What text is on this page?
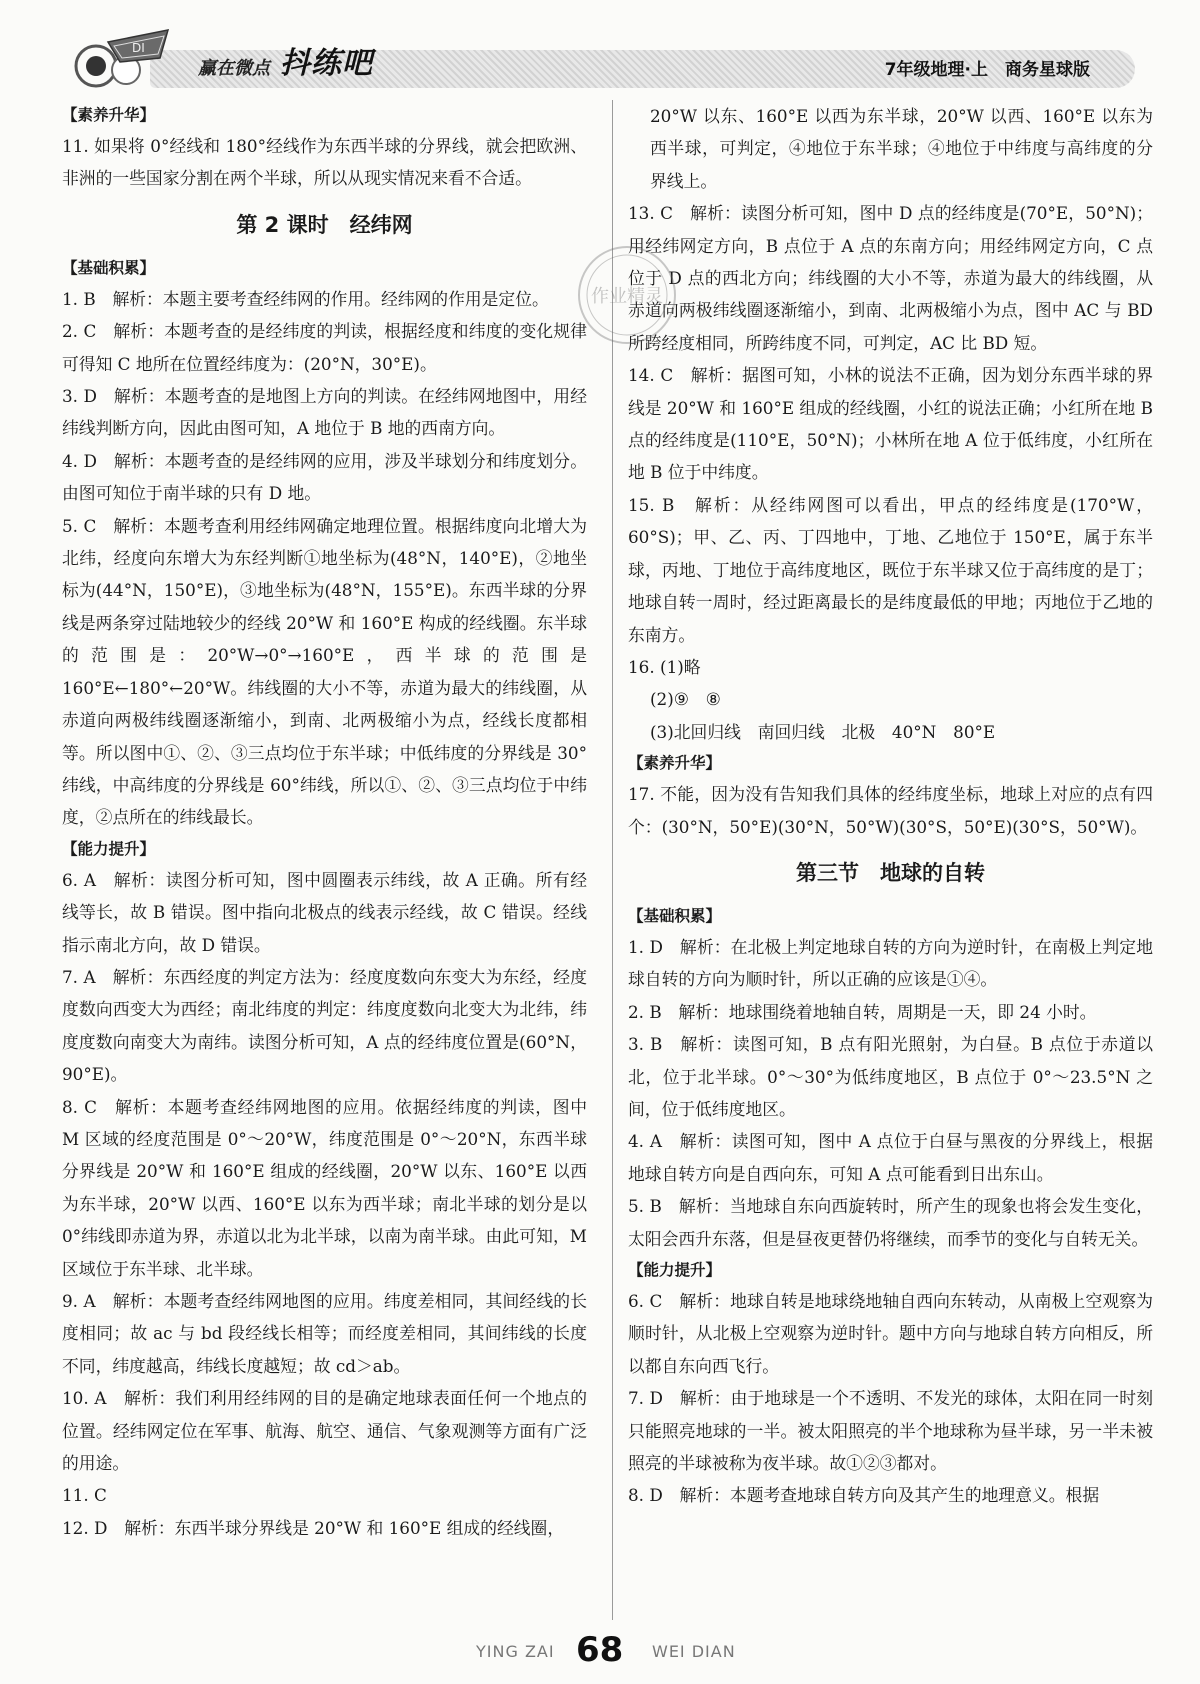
DI
赢在微点 抖练吧	7年级地理·上　商务星球版

【素养升华】

11. 如果将 0°经线和 180°经线作为东西半球的分界线，就会把欧洲、非洲的一些国家分割在两个半球，所以从现实情况来看不合适。

第 2 课时　经纬网

【基础积累】

1. B　解析：本题主要考查经纬网的作用。经纬网的作用是定位。

2. C　解析：本题考查的是经纬度的判读，根据经度和纬度的变化规律可得知 C 地所在位置经纬度为：(20°N，30°E)。

3. D　解析：本题考查的是地图上方向的判读。在经纬网地图中，用经纬线判断方向，因此由图可知，A 地位于 B 地的西南方向。

4. D　解析：本题考查的是经纬网的应用，涉及半球划分和纬度划分。由图可知位于南半球的只有 D 地。

5. C　解析：本题考查利用经纬网确定地理位置。根据纬度向北增大为北纬，经度向东增大为东经判断①地坐标为(48°N，140°E)，②地坐标为(44°N，150°E)，③地坐标为(48°N，155°E)。东西半球的分界线是两条穿过陆地较少的经线 20°W 和 160°E 构成的经线圈。东半球的范围是：20°W→0°→160°E，西半球的范围是 160°E←180°←20°W。纬线圈的大小不等，赤道为最大的纬线圈，从赤道向两极纬线圈逐渐缩小，到南、北两极缩小为点，经线长度都相等。所以图中①、②、③三点均位于东半球；中低纬度的分界线是 30°纬线，中高纬度的分界线是 60°纬线，所以①、②、③三点均位于中纬度，②点所在的纬线最长。

【能力提升】

6. A　解析：读图分析可知，图中圆圈表示纬线，故 A 正确。所有经线等长，故 B 错误。图中指向北极点的线表示经线，故 C 错误。经线指示南北方向，故 D 错误。

7. A　解析：东西经度的判定方法为：经度度数向东变大为东经，经度度数向西变大为西经；南北纬度的判定：纬度度数向北变大为北纬，纬度度数向南变大为南纬。读图分析可知，A 点的经纬度位置是(60°N，90°E)。

8. C　解析：本题考查经纬网地图的应用。依据经纬度的判读，图中 M 区域的经度范围是 0°～20°W，纬度范围是 0°～20°N，东西半球分界线是 20°W 和 160°E 组成的经线圈，20°W 以东、160°E 以西为东半球，20°W 以西、160°E 以东为西半球；南北半球的划分是以 0°纬线即赤道为界，赤道以北为北半球，以南为南半球。由此可知，M 区域位于东半球、北半球。

9. A　解析：本题考查经纬网地图的应用。纬度差相同，其间经线的长度相同；故 ac 与 bd 段经线长相等；而经度差相同，其间纬线的长度不同，纬度越高，纬线长度越短；故 cd＞ab。

10. A　解析：我们利用经纬网的目的是确定地球表面任何一个地点的位置。经纬网定位在军事、航海、航空、通信、气象观测等方面有广泛的用途。

11. C

12. D　解析：东西半球分界线是 20°W 和 160°E 组成的经线圈，

20°W 以东、160°E 以西为东半球，20°W 以西、160°E 以东为西半球，可判定，④地位于东半球；④地位于中纬度与高纬度的分界线上。

13. C　解析：读图分析可知，图中 D 点的经纬度是(70°E，50°N)；用经纬网定方向，B 点位于 A 点的东南方向；用经纬网定方向，C 点位于 D 点的西北方向；纬线圈的大小不等，赤道为最大的纬线圈，从赤道向两极纬线圈逐渐缩小，到南、北两极缩小为点，图中 AC 与 BD 所跨经度相同，所跨纬度不同，可判定，AC 比 BD 短。

14. C　解析：据图可知，小林的说法不正确，因为划分东西半球的界线是 20°W 和 160°E 组成的经线圈，小红的说法正确；小红所在地 B 点的经纬度是(110°E，50°N)；小林所在地 A 位于低纬度，小红所在地 B 位于中纬度。

15. B　解析：从经纬网图可以看出，甲点的经纬度是(170°W，60°S)；甲、乙、丙、丁四地中，丁地、乙地位于 150°E，属于东半球，丙地、丁地位于高纬度地区，既位于东半球又位于高纬度的是丁；地球自转一周时，经过距离最长的是纬度最低的甲地；丙地位于乙地的东南方。

16. (1)略

(2)⑨　⑧

(3)北回归线　南回归线　北极　40°N　80°E

【素养升华】

17. 不能，因为没有告知我们具体的经纬度坐标，地球上对应的点有四个：(30°N，50°E)(30°N，50°W)(30°S，50°E)(30°S，50°W)。

第三节　地球的自转

【基础积累】

1. D　解析：在北极上判定地球自转的方向为逆时针，在南极上判定地球自转的方向为顺时针，所以正确的应该是①④。

2. B　解析：地球围绕着地轴自转，周期是一天，即 24 小时。

3. B　解析：读图可知，B 点有阳光照射，为白昼。B 点位于赤道以北，位于北半球。0°～30°为低纬度地区，B 点位于 0°～23.5°N 之间，位于低纬度地区。

4. A　解析：读图可知，图中 A 点位于白昼与黑夜的分界线上，根据地球自转方向是自西向东，可知 A 点可能看到日出东山。

5. B　解析：当地球自东向西旋转时，所产生的现象也将会发生变化，太阳会西升东落，但是昼夜更替仍将继续，而季节的变化与自转无关。

【能力提升】

6. C　解析：地球自转是地球绕地轴自西向东转动，从南极上空观察为顺时针，从北极上空观察为逆时针。题中方向与地球自转方向相反，所以都自东向西飞行。

7. D　解析：由于地球是一个不透明、不发光的球体，太阳在同一时刻只能照亮地球的一半。被太阳照亮的半个地球称为昼半球，另一半未被照亮的半球被称为夜半球。故①②③都对。

8. D　解析：本题考查地球自转方向及其产生的地理意义。根据

作业精灵
YING ZAI 68 WEI DIAN
